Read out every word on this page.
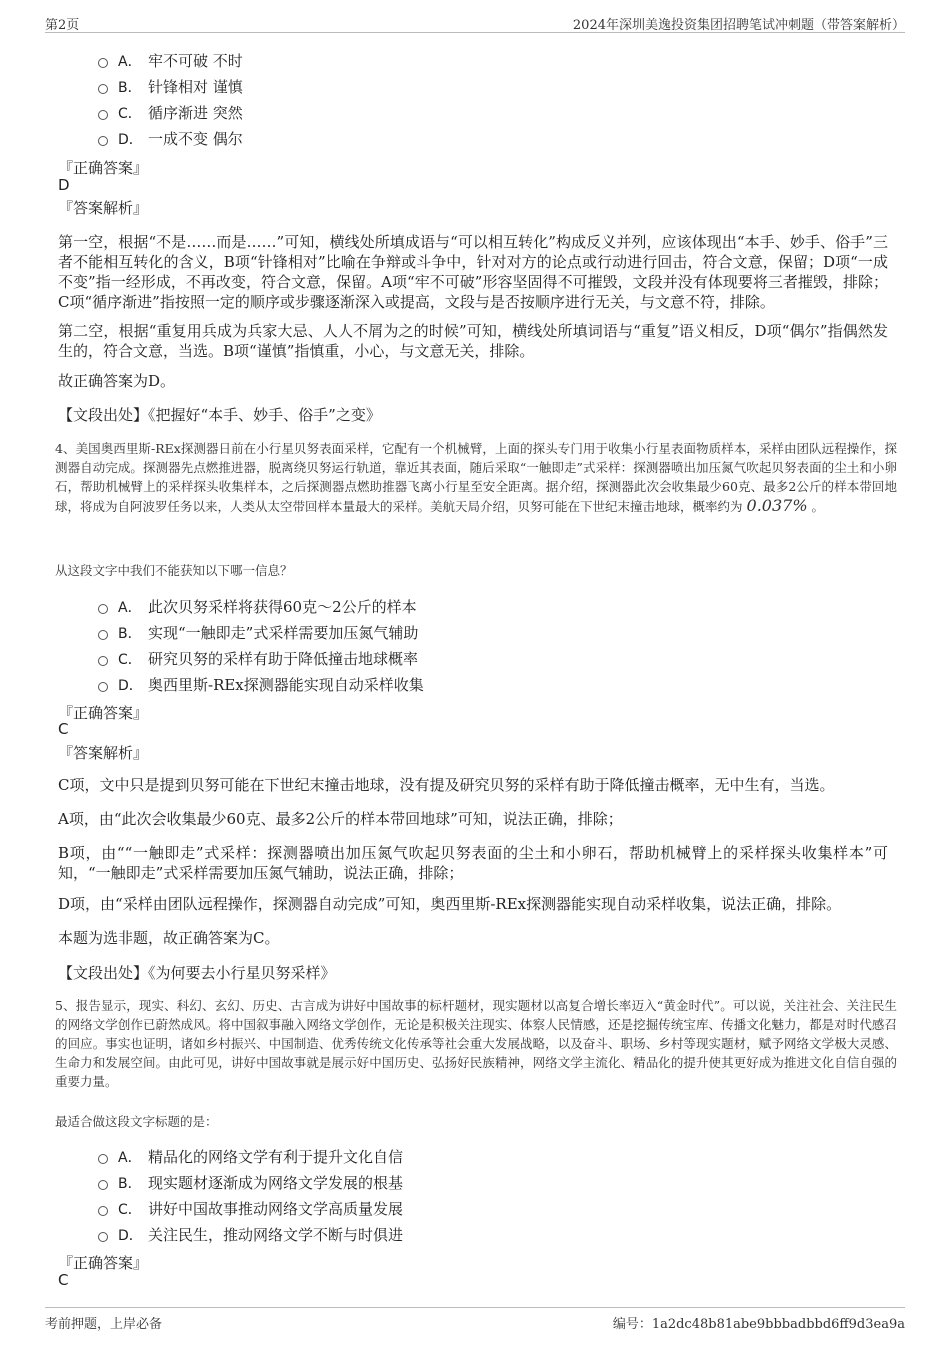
第2页	2024年深圳美逸投资集团招聘笔试冲刺题（带答案解析）
A． 牢不可破 不时
B． 针锋相对 谨慎
C． 循序渐进 突然
D． 一成不变 偶尔
『正确答案』
D
『答案解析』
第一空，根据“不是……而是……”可知，横线处所填成语与“可以相互转化”构成反义并列，应该体现出“本手、妙手、俗手”三者不能相互转化的含义，B项“针锋相对”比喻在争辩或斗争中，针对对方的论点或行动进行回击，符合文意，保留；D项“一成不变”指一经形成，不再改变，符合文意，保留。A项“牢不可破”形容坚固得不可摧毁，文段并没有体现要将三者摧毁，排除；C项“循序渐进”指按照一定的顺序或步骤逐渐深入或提高，文段与是否按顺序进行无关，与文意不符，排除。
第二空，根据“重复用兵成为兵家大忌、人人不屑为之的时候”可知，横线处所填词语与“重复”语义相反，D项“偶尔”指偶然发生的，符合文意，当选。B项“谨慎”指慎重，小心，与文意无关，排除。
故正确答案为D。
【文段出处】《把握好“本手、妙手、俗手”之变》
4、美国奥西里斯-REx探测器日前在小行星贝努表面采样，它配有一个机械臂，上面的探头专门用于收集小行星表面物质样本，采样由团队远程操作，探测器自动完成。探测器先点燃推进器，脱离绕贝努运行轨道，靠近其表面，随后采取“一触即走”式采样：探测器喷出加压氮气吹起贝努表面的尘土和小卵石，帮助机械臂上的采样探头收集样本，之后探测器点燃助推器飞离小行星至安全距离。据介绍，探测器此次会收集最少60克、最多2公斤的样本带回地球，将成为自阿波罗任务以来，人类从太空带回样本量最大的采样。美航天局介绍，贝努可能在下世纪末撞击地球，概率约为 0.037% 。
从这段文字中我们不能获知以下哪一信息？
A． 此次贝努采样将获得60克～2公斤的样本
B． 实现“一触即走”式采样需要加压氮气辅助
C． 研究贝努的采样有助于降低撞击地球概率
D． 奥西里斯-REx探测器能实现自动采样收集
『正确答案』
C
『答案解析』
C项，文中只是提到贝努可能在下世纪末撞击地球，没有提及研究贝努的采样有助于降低撞击概率，无中生有，当选。
A项，由“此次会收集最少60克、最多2公斤的样本带回地球”可知，说法正确，排除；
B项，由““一触即走”式采样：探测器喷出加压氮气吹起贝努表面的尘土和小卵石，帮助机械臂上的采样探头收集样本”可知，“一触即走”式采样需要加压氮气辅助，说法正确，排除；
D项，由“采样由团队远程操作，探测器自动完成”可知，奥西里斯-REx探测器能实现自动采样收集，说法正确，排除。
本题为选非题，故正确答案为C。
【文段出处】《为何要去小行星贝努采样》
5、报告显示，现实、科幻、玄幻、历史、古言成为讲好中国故事的标杆题材，现实题材以高复合增长率迈入“黄金时代”。可以说，关注社会、关注民生的网络文学创作已蔚然成风。将中国叙事融入网络文学创作，无论是积极关注现实、体察人民情感，还是挖掘传统宝库、传播文化魅力，都是对时代感召的回应。事实也证明，诸如乡村振兴、中国制造、优秀传统文化传承等社会重大发展战略，以及奋斗、职场、乡村等现实题材，赋予网络文学极大灵感、生命力和发展空间。由此可见，讲好中国故事就是展示好中国历史、弘扬好民族精神，网络文学主流化、精品化的提升使其更好成为推进文化自信自强的重要力量。
最适合做这段文字标题的是：
A． 精品化的网络文学有利于提升文化自信
B． 现实题材逐渐成为网络文学发展的根基
C． 讲好中国故事推动网络文学高质量发展
D． 关注民生，推动网络文学不断与时俱进
『正确答案』
C
考前押题，上岸必备	编号：1a2dc48b81abe9bbbadbbd6ff9d3ea9a
